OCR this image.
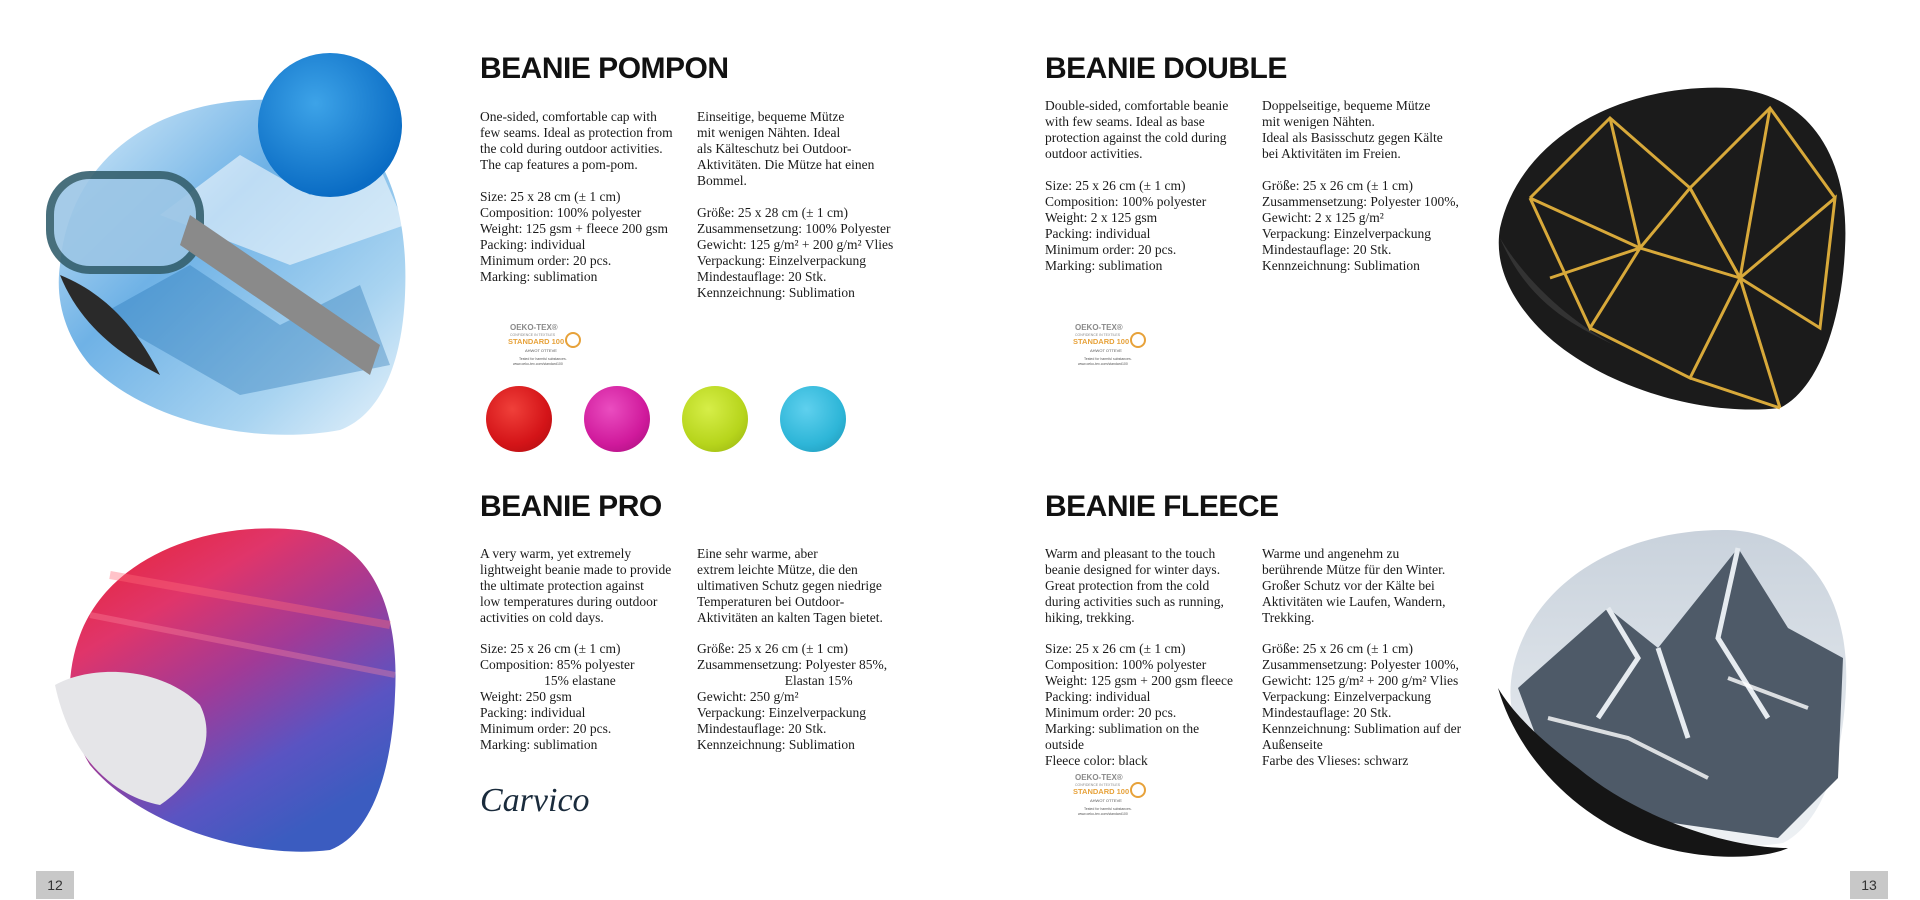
BEANIE POMPON

One-sided, comfortable cap with
few seams. Ideal as protection from
the cold during outdoor activities.
The cap features a pom-pom.

Einseitige, bequeme Mütze
mit wenigen Nähten. Ideal
als Kälteschutz bei Outdoor-
Aktivitäten. Die Mütze hat einen
Bommel.

Size: 25 x 28 cm (± 1 cm)
Composition: 100% polyester
Weight: 125 gsm + fleece 200 gsm
Packing: individual
Minimum order: 20 pcs.
Marking: sublimation
Größe: 25 x 28 cm (± 1 cm)
Zusammensetzung: 100% Polyester
Gewicht: 125 g/m² + 200 g/m² Vlies
Verpackung: Einzelverpackung
Mindestauflage: 20 Stk.
Kennzeichnung: Sublimation
OEKO-TEX®
CONFIDENCE IN TEXTILES
STANDARD 100
AHWOT OTTEVE
Tested for harmful substances.
www.oeko-tex.com/standard100
BEANIE PRO

A very warm, yet extremely
lightweight beanie made to provide
the ultimate protection against
low temperatures during outdoor
activities on cold days.

Eine sehr warme, aber
extrem leichte Mütze, die den
ultimativen Schutz gegen niedrige
Temperaturen bei Outdoor-
Aktivitäten an kalten Tagen bietet.

Size: 25 x 26 cm (± 1 cm)
Composition: 85% polyester
15% elastane
Weight: 250 gsm
Packing: individual
Minimum order: 20 pcs.
Marking: sublimation
Größe: 25 x 26 cm (± 1 cm)
Zusammensetzung: Polyester 85%,
Elastan 15%
Gewicht: 250 g/m²
Verpackung: Einzelverpackung
Mindestauflage: 20 Stk.
Kennzeichnung: Sublimation
Carvico
BEANIE DOUBLE

Double-sided, comfortable beanie
with few seams. Ideal as base
protection against the cold during
outdoor activities.

Doppelseitige, bequeme Mütze
mit wenigen Nähten.
Ideal als Basisschutz gegen Kälte
bei Aktivitäten im Freien.

Size: 25 x 26 cm (± 1 cm)
Composition: 100% polyester
Weight: 2 x 125 gsm
Packing: individual
Minimum order: 20 pcs.
Marking: sublimation
Größe: 25 x 26 cm (± 1 cm)
Zusammensetzung: Polyester 100%,
Gewicht: 2 x 125 g/m²
Verpackung: Einzelverpackung
Mindestauflage: 20 Stk.
Kennzeichnung: Sublimation
OEKO-TEX®
CONFIDENCE IN TEXTILES
STANDARD 100
AHWOT OTTEVE
Tested for harmful substances.
www.oeko-tex.com/standard100
BEANIE FLEECE

Warm and pleasant to the touch
beanie designed for winter days.
Great protection from the cold
during activities such as running,
hiking, trekking.

Warme und angenehm zu
berührende Mütze für den Winter.
Großer Schutz vor der Kälte bei
Aktivitäten wie Laufen, Wandern,
Trekking.

Size: 25 x 26 cm (± 1 cm)
Composition: 100% polyester
Weight: 125 gsm + 200 gsm fleece
Packing: individual
Minimum order: 20 pcs.
Marking: sublimation on the
outside
Fleece color: black
Größe: 25 x 26 cm (± 1 cm)
Zusammensetzung: Polyester 100%,
Gewicht: 125 g/m² + 200 g/m² Vlies
Verpackung: Einzelverpackung
Mindestauflage: 20 Stk.
Kennzeichnung: Sublimation auf der
Außenseite
Farbe des Vlieses: schwarz
OEKO-TEX®
CONFIDENCE IN TEXTILES
STANDARD 100
AHWOT OTTEVE
Tested for harmful substances.
www.oeko-tex.com/standard100
12	13
